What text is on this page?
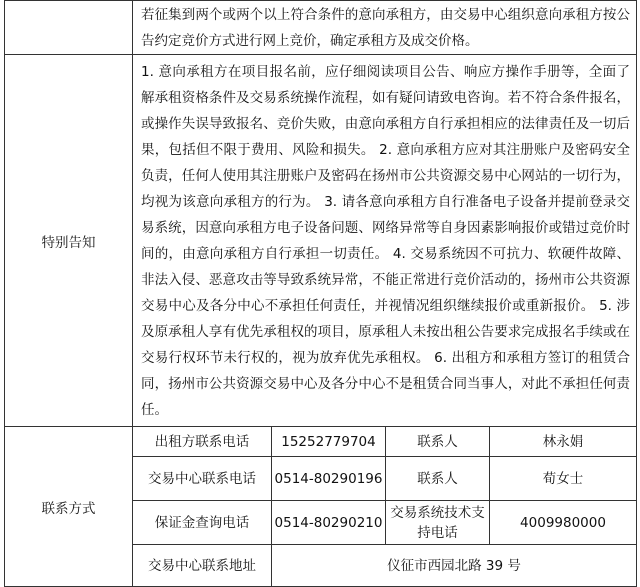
	若征集到两个或两个以上符合条件的意向承租方，由交易中心组织意向承租方按公告约定竞价方式进行网上竞价，确定承租方及成交价格。			
特别告知	1. 意向承租方在项目报名前，应仔细阅读项目公告、响应方操作手册等，全面了解承租资格条件及交易系统操作流程，如有疑问请致电咨询。若不符合条件报名，或操作失误导致报名、竞价失败，由意向承租方自行承担相应的法律责任及一切后果，包括但不限于费用、风险和损失。 2. 意向承租方应对其注册账户及密码安全负责，任何人使用其注册账户及密码在扬州市公共资源交易中心网站的一切行为，均视为该意向承租方的行为。 3. 请各意向承租方自行准备电子设备并提前登录交易系统，因意向承租方电子设备问题、网络异常等自身因素影响报价或错过竞价时间的，由意向承租方自行承担一切责任。 4. 交易系统因不可抗力、软硬件故障、非法入侵、恶意攻击等导致系统异常，不能正常进行竞价活动的，扬州市公共资源交易中心及各分中心不承担任何责任，并视情况组织继续报价或重新报价。 5. 涉及原承租人享有优先承租权的项目，原承租人未按出租公告要求完成报名手续或在交易行权环节未行权的，视为放弃优先承租权。 6. 出租方和承租方签订的租赁合同，扬州市公共资源交易中心及各分中心不是租赁合同当事人，对此不承担任何责任。			
联系方式	出租方联系电话	15252779704	联系人	林永娟
	交易中心联系电话	0514-80290196	联系人	荀女士
	保证金查询电话	0514-80290210	交易系统技术支持电话	4009980000
	交易中心联系地址	仪征市西园北路 39 号		
